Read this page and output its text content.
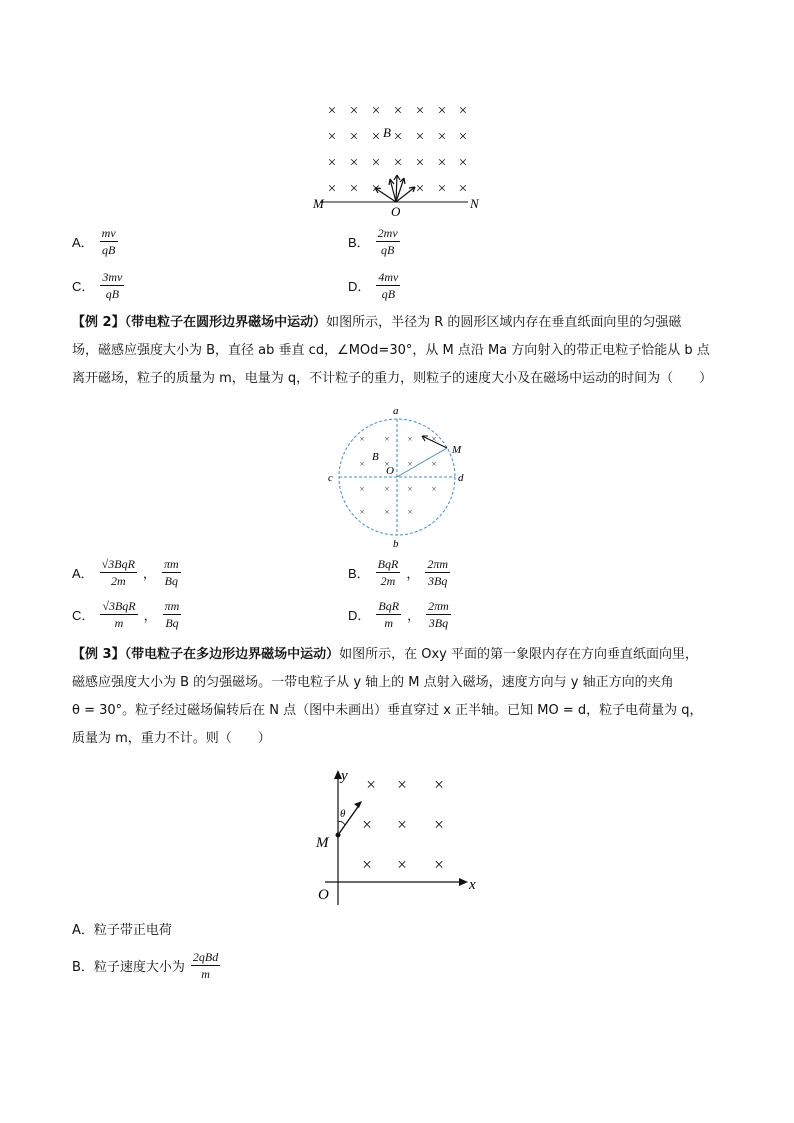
× × × × × × ×
× × × × × × ×
× × × × × × ×
× × × × × ×
B
M
O
N
A． $\frac{mv}{qB}$	B． $\frac{2mv}{qB}$
C． $\frac{3mv}{qB}$	D． $\frac{4mv}{qB}$
【例 2】（带电粒子在圆形边界磁场中运动）如图所示，半径为 R 的圆形区域内存在垂直纸面向里的匀强磁
场，磁感应强度大小为 B，直径 ab 垂直 cd，∠MOd=30°，从 M 点沿 Ma 方向射入的带正电粒子恰能从 b 点
离开磁场，粒子的质量为 m，电量为 q，不计粒子的重力，则粒子的速度大小及在磁场中运动的时间为（　　）
× × × ×
× × × ×
× × × ×
× × ×
a
b
c	d
M
O
B
A． $\frac{\text{√3BqR}}{2m}$ ， $\frac{\pi m}{Bq}$	B． $\frac{\text{BqR}}{2m}$ ， $\frac{2\pi m}{3Bq}$
C． $\frac{\text{√3BqR}}{m}$ ， $\frac{\pi m}{Bq}$	D． $\frac{\text{BqR}}{m}$ ， $\frac{2\pi m}{3Bq}$
【例 3】（带电粒子在多边形边界磁场中运动）如图所示，在 Oxy 平面的第一象限内存在方向垂直纸面向里，
磁感应强度大小为 B 的匀强磁场。一带电粒子从 y 轴上的 M 点射入磁场，速度方向与 y 轴正方向的夹角
θ = 30°。粒子经过磁场偏转后在 N 点（图中未画出）垂直穿过 x 正半轴。已知 MO = d，粒子电荷量为 q，
质量为 m，重力不计。则（　　）
× × ×
× × ×
× × ×
y
x
O
M
θ
A．粒子带正电荷
B．粒子速度大小为 $\frac{\text{2qBd}}{m}$
